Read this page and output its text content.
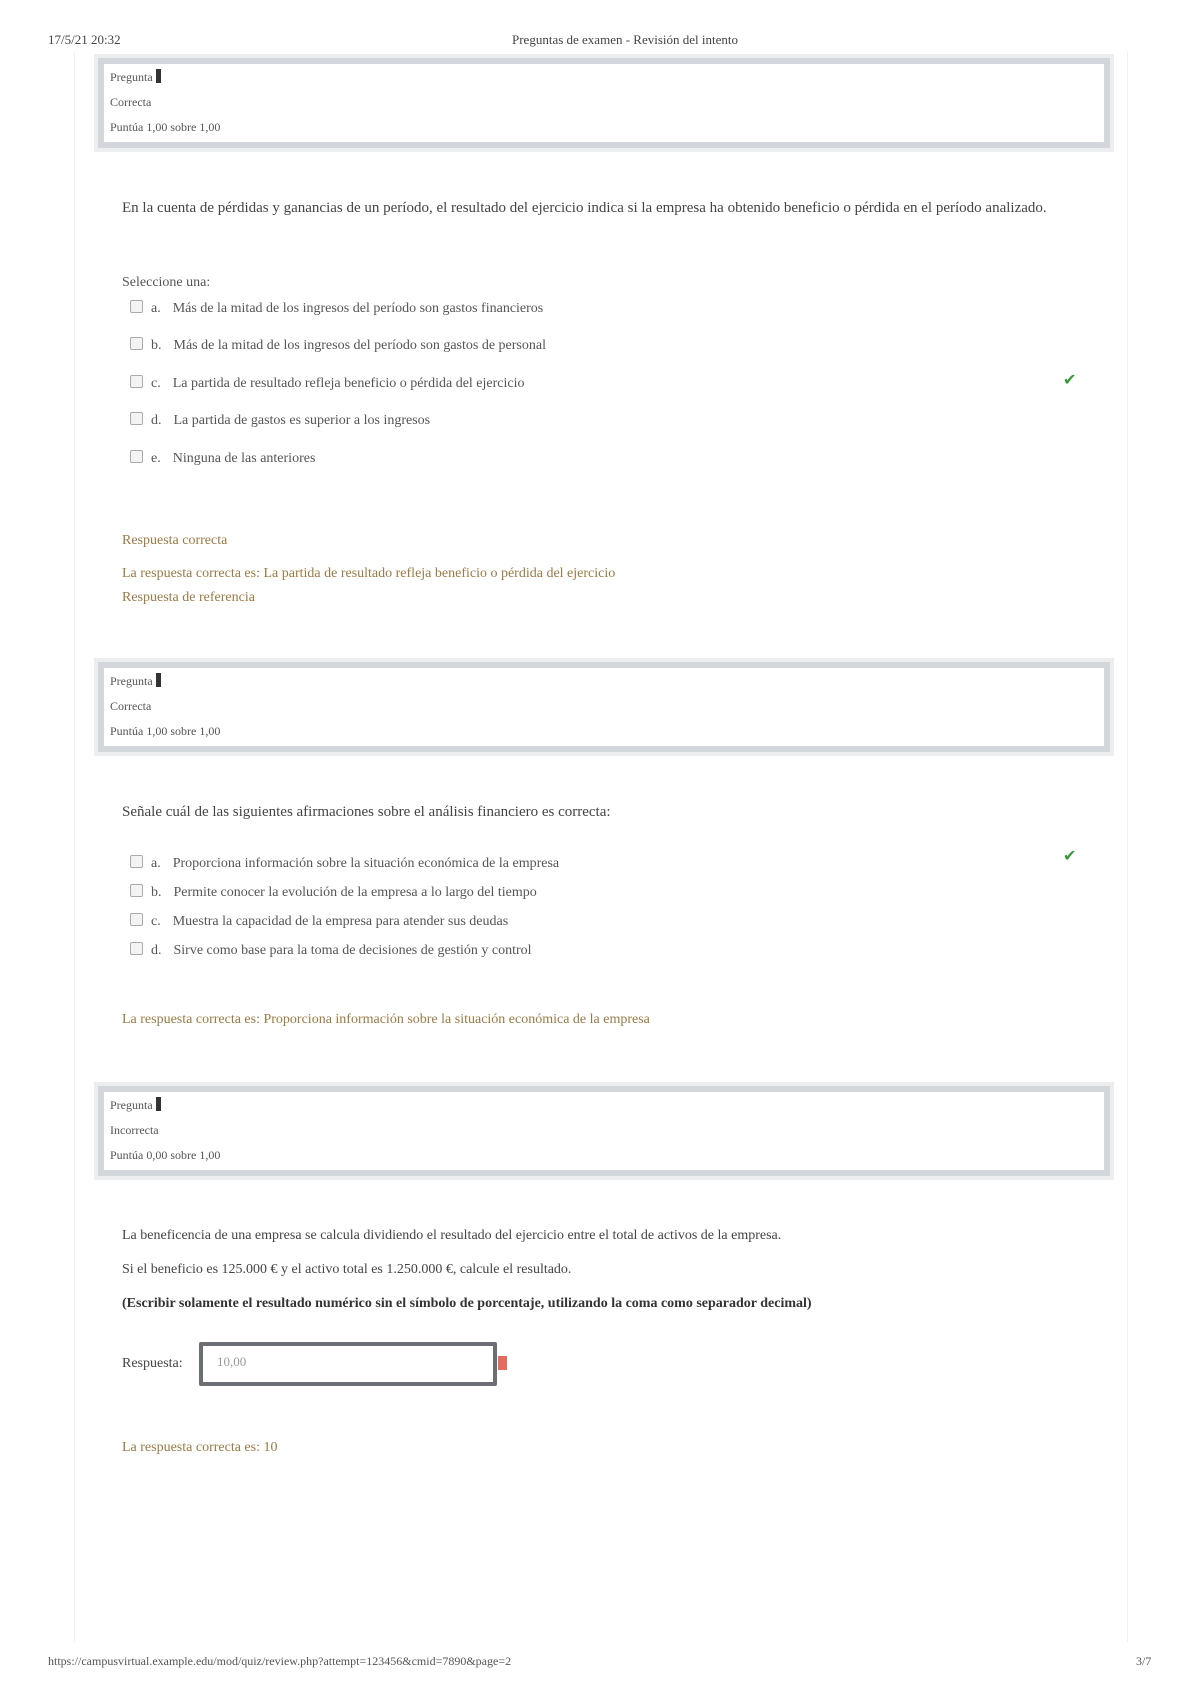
17/5/21 20:32	Preguntas de examen - Revisión del intento
Pregunta
Correcta
Puntúa 1,00 sobre 1,00
En la cuenta de pérdidas y ganancias de un período, el resultado del ejercicio indica si la empresa ha obtenido beneficio o pérdida en el período analizado.
Seleccione una:
a. Más de la mitad de los ingresos del período son gastos financieros
b. Más de la mitad de los ingresos del período son gastos de personal
c. La partida de resultado refleja beneficio o pérdida del ejercicio	✔
d. La partida de gastos es superior a los ingresos
e. Ninguna de las anteriores
Respuesta correcta
La respuesta correcta es: La partida de resultado refleja beneficio o pérdida del ejercicio
Respuesta de referencia
Pregunta
Correcta
Puntúa 1,00 sobre 1,00
Señale cuál de las siguientes afirmaciones sobre el análisis financiero es correcta:
a. Proporciona información sobre la situación económica de la empresa	✔
b. Permite conocer la evolución de la empresa a lo largo del tiempo
c. Muestra la capacidad de la empresa para atender sus deudas
d. Sirve como base para la toma de decisiones de gestión y control
La respuesta correcta es: Proporciona información sobre la situación económica de la empresa
Pregunta
Incorrecta
Puntúa 0,00 sobre 1,00
La beneficencia de una empresa se calcula dividiendo el resultado del ejercicio entre el total de activos de la empresa.
Si el beneficio es 125.000 € y el activo total es 1.250.000 €, calcule el resultado.
(Escribir solamente el resultado numérico sin el símbolo de porcentaje, utilizando la coma como separador decimal)
Respuesta:	10,00
La respuesta correcta es: 10
https://campusvirtual.example.edu/mod/quiz/review.php?attempt=123456&cmid=7890&page=2	3/7
